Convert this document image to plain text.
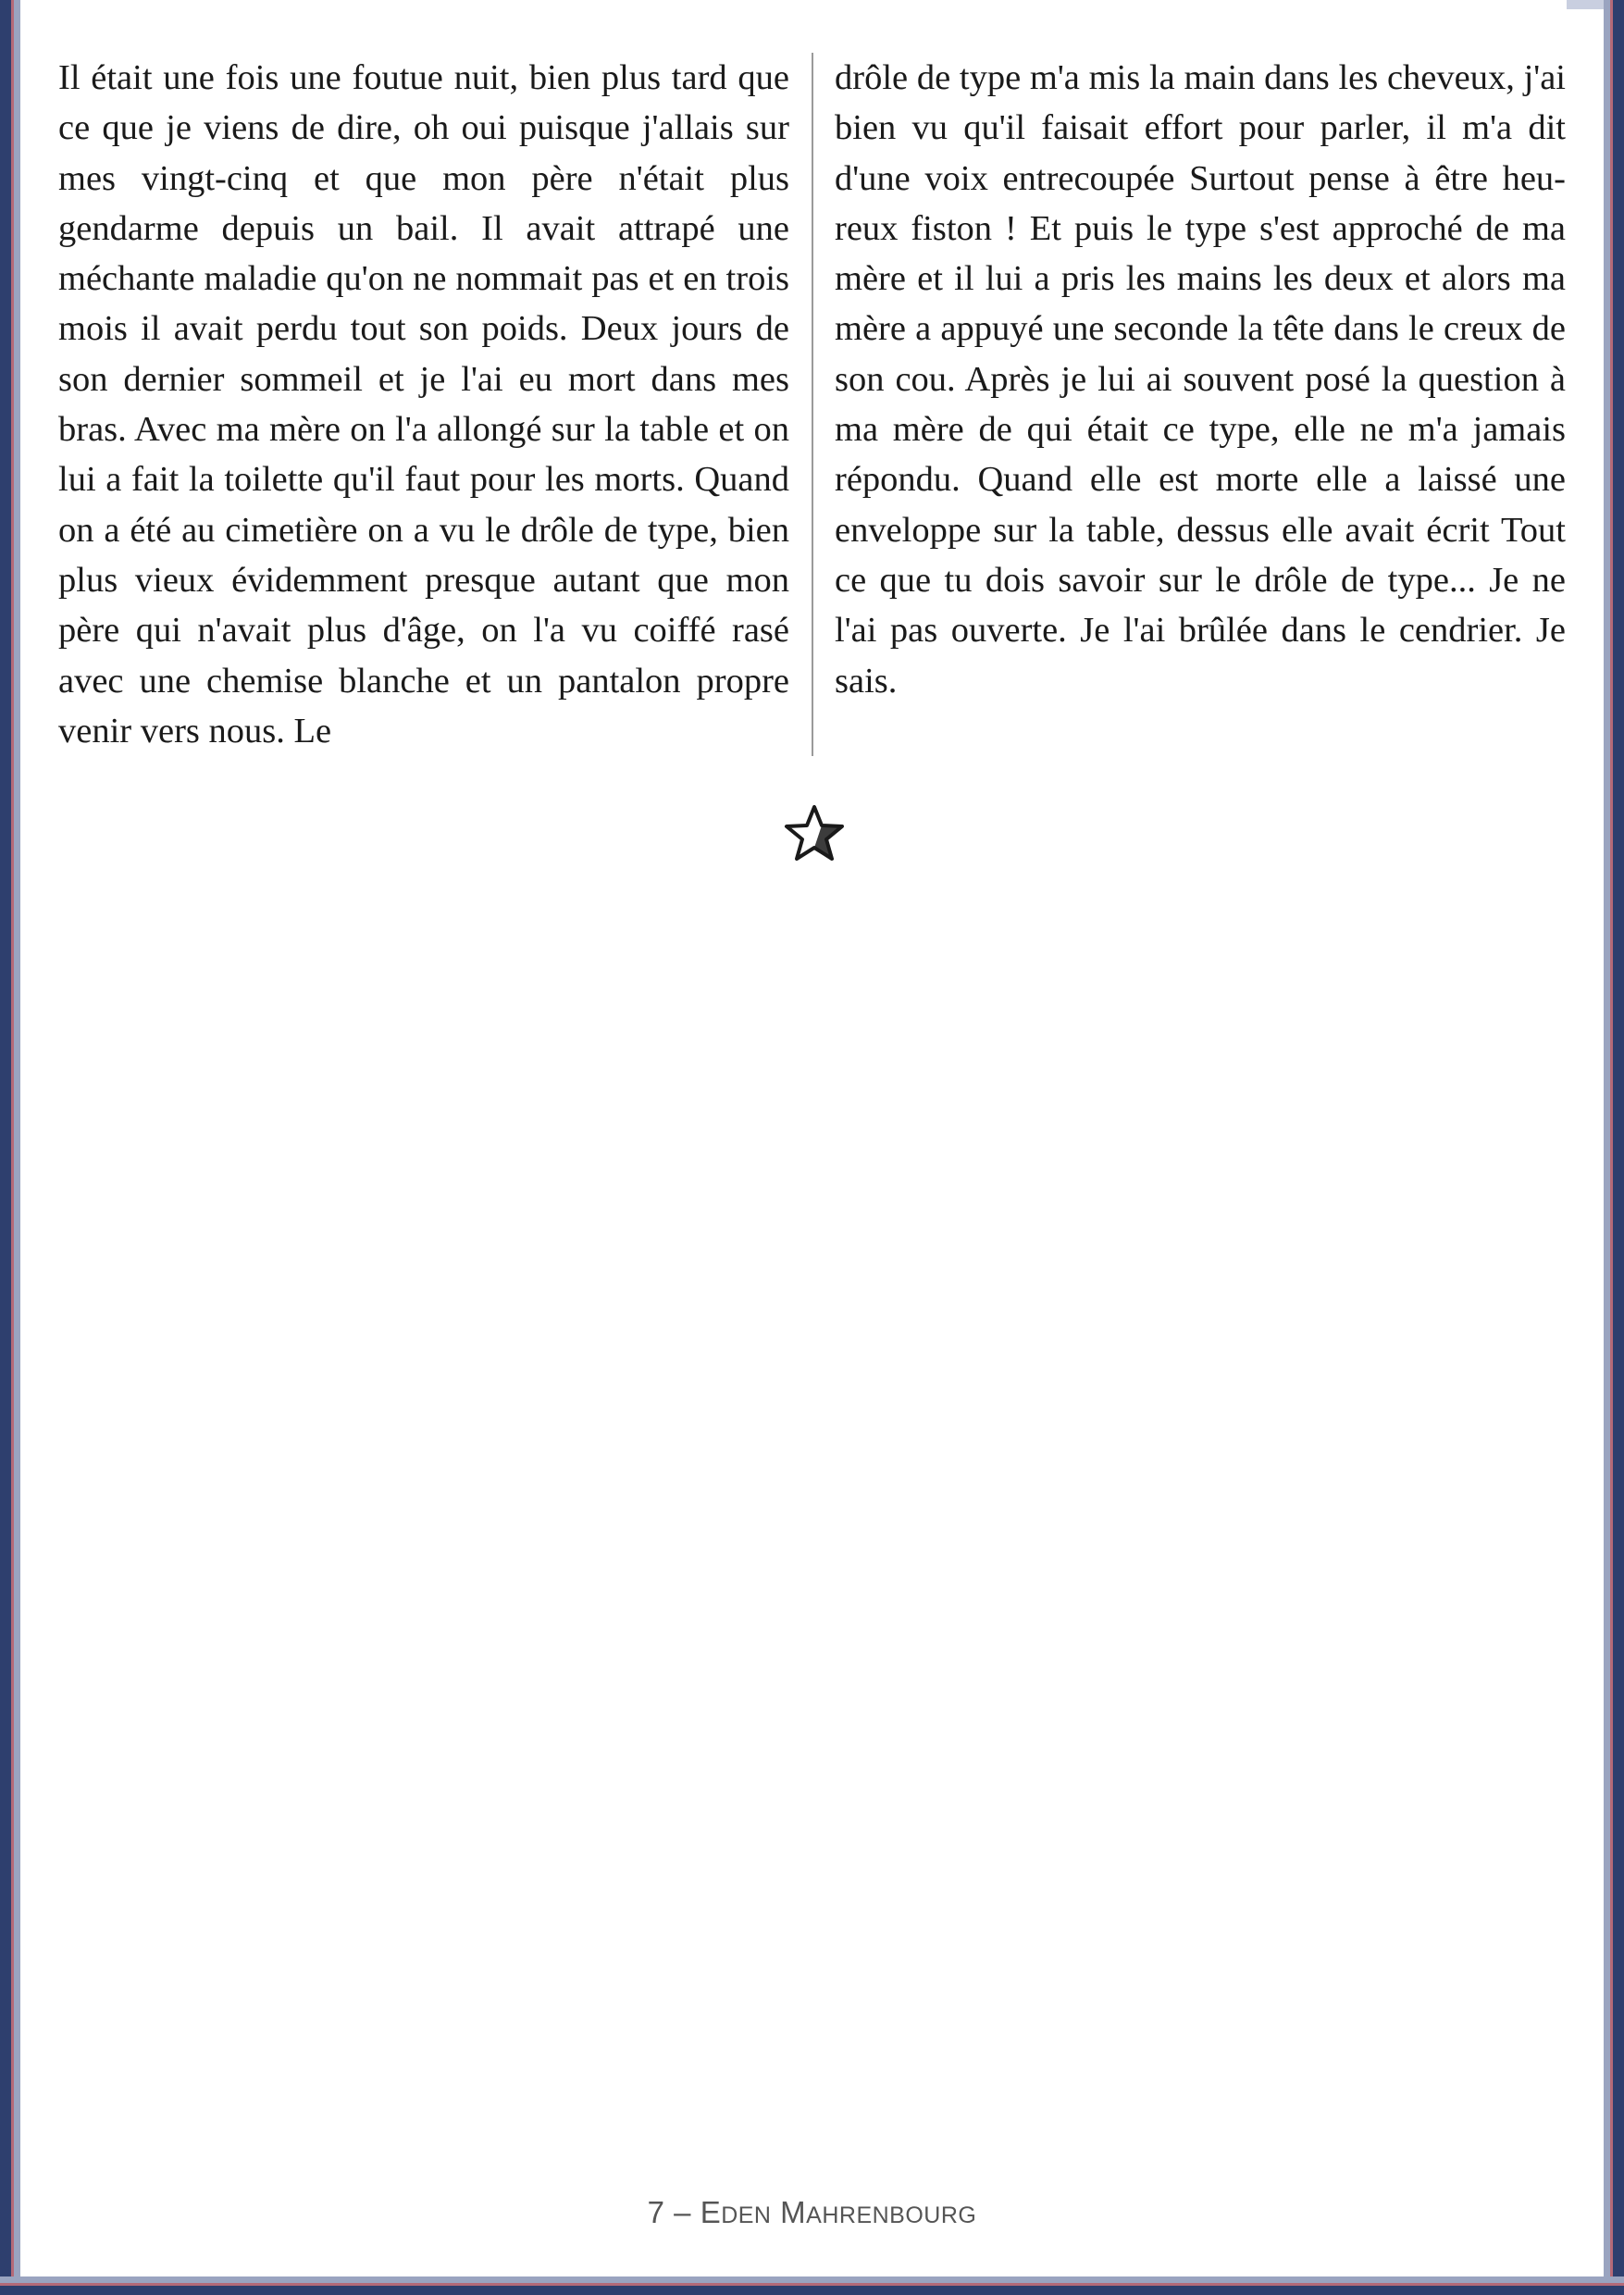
Il était une fois une foutue nuit, bien plus tard que ce que je viens de dire, oh oui puisque j'allais sur mes vingt-cinq et que mon père n'était plus gendarme depuis un bail. Il avait attrapé une méchante maladie qu'on ne nommait pas et en trois mois il avait perdu tout son poids. Deux jours de son dernier sommeil et je l'ai eu mort dans mes bras. Avec ma mère on l'a allongé sur la table et on lui a fait la toilette qu'il faut pour les morts. Quand on a été au cimetière on a vu le drôle de type, bien plus vieux évidemment presque autant que mon père qui n'avait plus d'âge, on l'a vu coiffé rasé avec une chemise blanche et un pantalon propre venir vers nous. Le
drôle de type m'a mis la main dans les cheveux, j'ai bien vu qu'il faisait effort pour parler, il m'a dit d'une voix entrecoupée Surtout pense à être heureux fiston ! Et puis le type s'est approché de ma mère et il lui a pris les mains les deux et alors ma mère a appuyé une seconde la tête dans le creux de son cou. Après je lui ai souvent posé la question à ma mère de qui était ce type, elle ne m'a jamais répondu. Quand elle est morte elle a laissé une enveloppe sur la table, dessus elle avait écrit Tout ce que tu dois savoir sur le drôle de type... Je ne l'ai pas ouverte. Je l'ai brûlée dans le cendrier. Je sais.
7 – EDEN MAHRENBOURG
